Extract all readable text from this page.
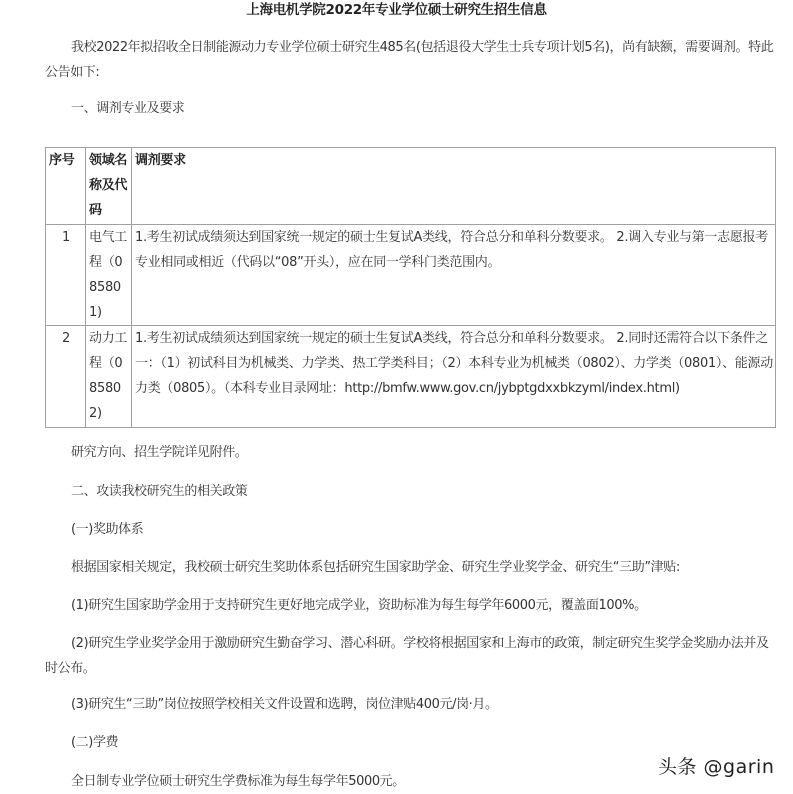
上海电机学院2022年专业学位硕士研究生招生信息
我校2022年拟招收全日制能源动力专业学位硕士研究生485名(包括退役大学生士兵专项计划5名)，尚有缺额，需要调剂。特此公告如下:
一、调剂专业及要求
序号	领域名称及代码	调剂要求
1	电气工程（085801)	1.考生初试成绩须达到国家统一规定的硕士生复试A类线，符合总分和单科分数要求。 2.调入专业与第一志愿报考专业相同或相近（代码以“08”开头），应在同一学科门类范围内。
2	动力工程（085802)	1.考生初试成绩须达到国家统一规定的硕士生复试A类线，符合总分和单科分数要求。 2.同时还需符合以下条件之一：（1）初试科目为机械类、力学类、热工学类科目；（2）本科专业为机械类（0802）、力学类（0801）、能源动力类（0805）。（本科专业目录网址：http://bmfw.www.gov.cn/jybptgdxxbkzyml/index.html)
研究方向、招生学院详见附件。
二、攻读我校研究生的相关政策
(一)奖助体系
根据国家相关规定，我校硕士研究生奖助体系包括研究生国家助学金、研究生学业奖学金、研究生“三助”津贴:
(1)研究生国家助学金用于支持研究生更好地完成学业，资助标准为每生每学年6000元，覆盖面100%。
(2)研究生学业奖学金用于激励研究生勤奋学习、潜心科研。学校将根据国家和上海市的政策，制定研究生奖学金奖励办法并及时公布。
(3)研究生“三助”岗位按照学校相关文件设置和选聘，岗位津贴400元/岗·月。
(二)学费
全日制专业学位硕士研究生学费标准为每生每学年5000元。
头条 @garin
